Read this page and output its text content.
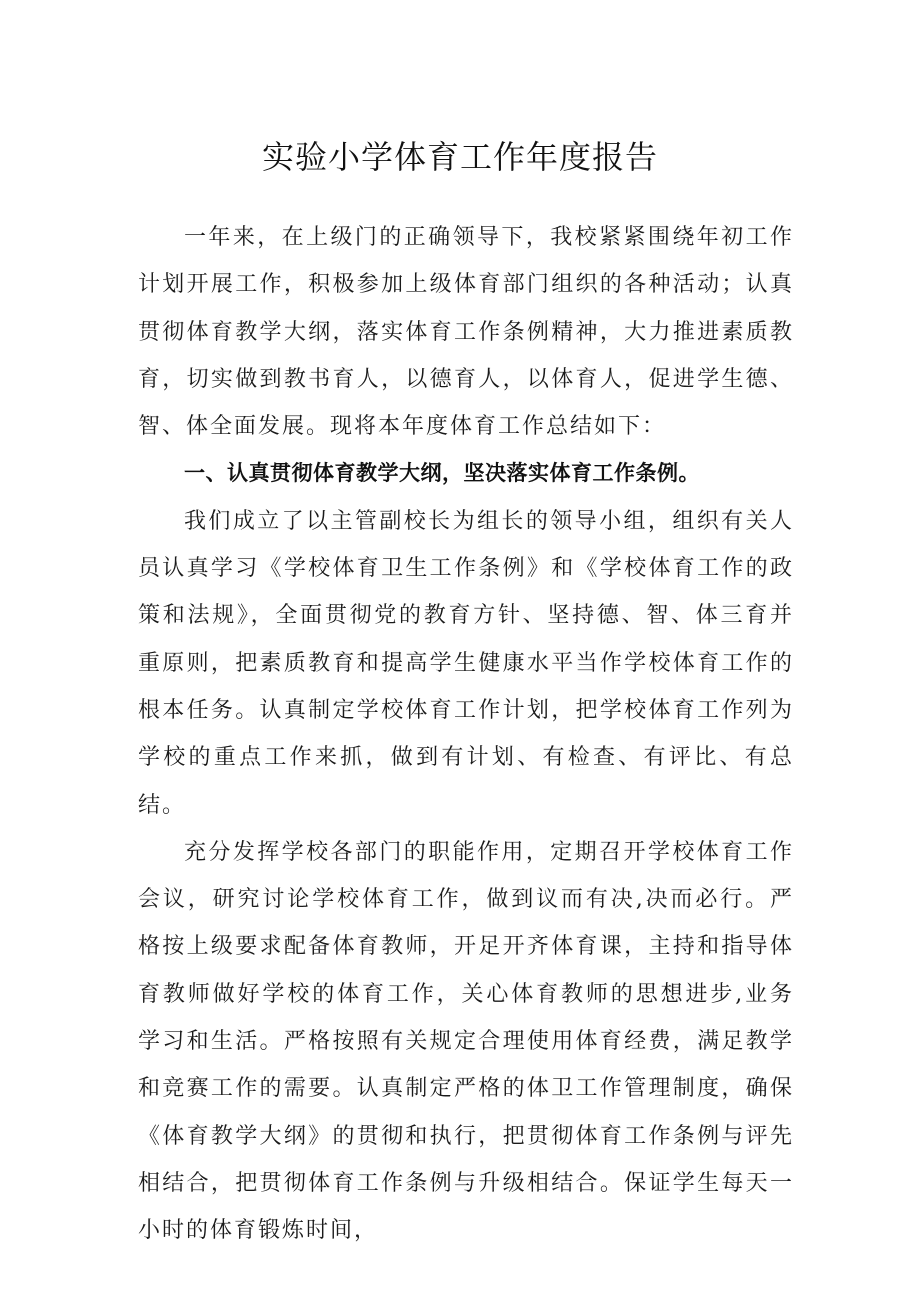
实验小学体育工作年度报告

一年来，在上级门的正确领导下，我校紧紧围绕年初工作计划开展工作，积极参加上级体育部门组织的各种活动；认真贯彻体育教学大纲，落实体育工作条例精神，大力推进素质教育，切实做到教书育人，以德育人，以体育人，促进学生德、智、体全面发展。现将本年度体育工作总结如下：

一、认真贯彻体育教学大纲，坚决落实体育工作条例。

我们成立了以主管副校长为组长的领导小组，组织有关人员认真学习《学校体育卫生工作条例》和《学校体育工作的政策和法规》，全面贯彻党的教育方针、坚持德、智、体三育并重原则，把素质教育和提高学生健康水平当作学校体育工作的根本任务。认真制定学校体育工作计划，把学校体育工作列为学校的重点工作来抓，做到有计划、有检查、有评比、有总结。

充分发挥学校各部门的职能作用，定期召开学校体育工作会议，研究讨论学校体育工作，做到议而有决,决而必行。严格按上级要求配备体育教师，开足开齐体育课，主持和指导体育教师做好学校的体育工作，关心体育教师的思想进步,业务学习和生活。严格按照有关规定合理使用体育经费，满足教学和竞赛工作的需要。认真制定严格的体卫工作管理制度，确保《体育教学大纲》的贯彻和执行，把贯彻体育工作条例与评先相结合，把贯彻体育工作条例与升级相结合。保证学生每天一小时的体育锻炼时间，
